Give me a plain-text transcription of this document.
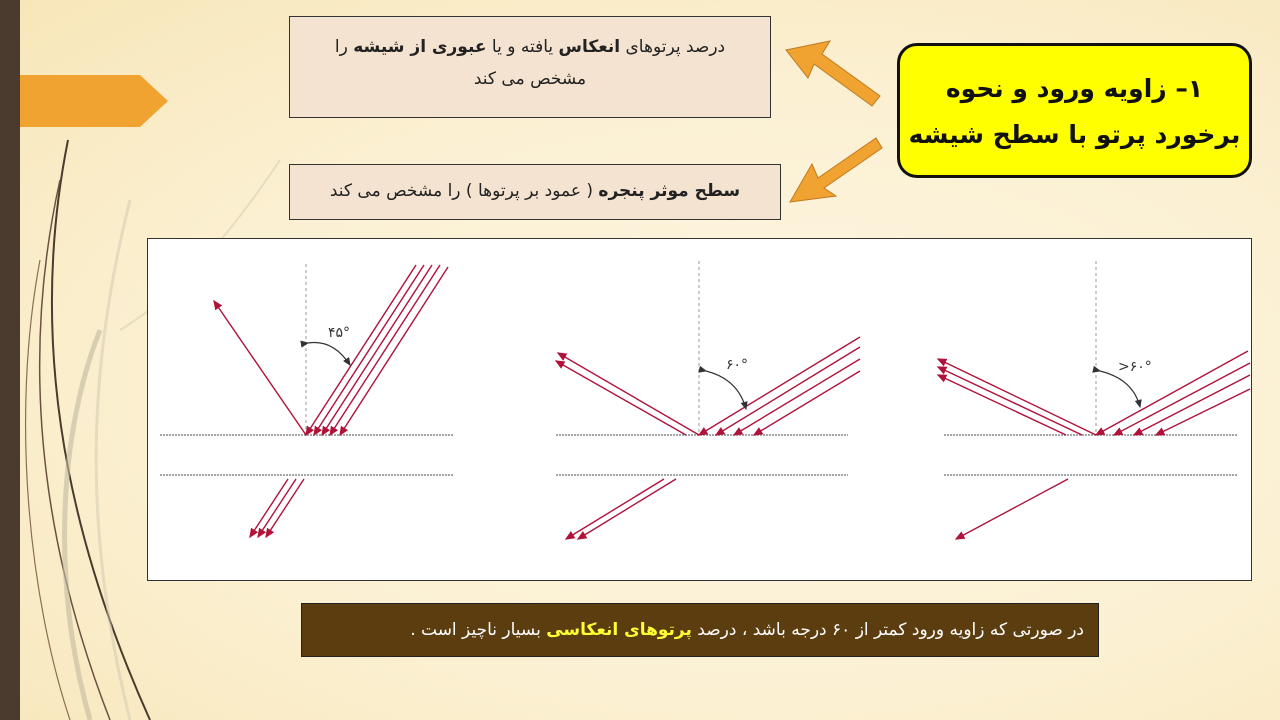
درصد پرتوهای انعکاس یافته و یا عبوری از شیشه را
مشخص می کند
سطح موثر پنجره ( عمود بر پرتوها ) را مشخص می کند
۱– زاویه ورود و نحوه
برخورد پرتو با سطح شیشه
۴۵°
۶۰°	>۶۰°
در صورتی که زاویه ورود کمتر از ۶۰ درجه باشد ، درصد پرتوهای انعکاسی بسیار ناچیز است .
